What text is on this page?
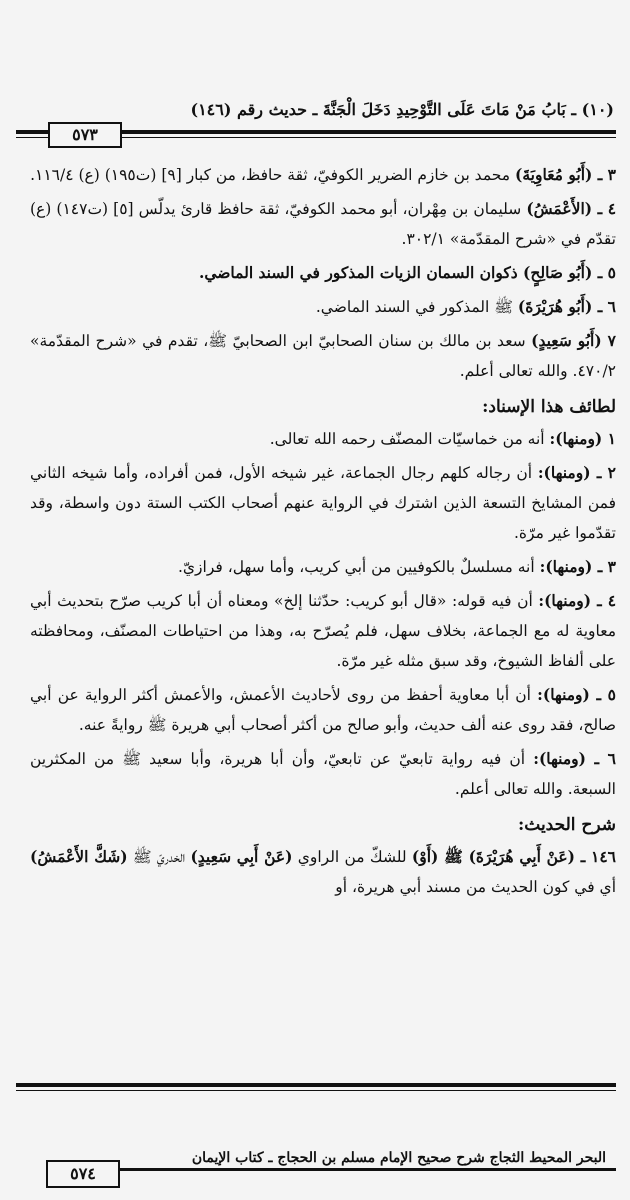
(١٠) ـ بَابُ مَنْ مَاتَ عَلَى التَّوْحِيدِ دَخَلَ الْجَنَّةَ ـ حديث رقم (١٤٦)
٥٧٣

٣ ـ (أَبُو مُعَاوِيَةَ) محمد بن خازم الضرير الكوفيّ، ثقة حافظ، من كبار [٩] (ت١٩٥) (ع) ١١٦/٤.

٤ ـ (الأَعْمَشُ) سليمان بن مِهْران، أبو محمد الكوفيّ، ثقة حافظ قارئ يدلّس [٥] (ت١٤٧) (ع) تقدّم في «شرح المقدّمة» ٣٠٢/١.

٥ ـ (أَبُو صَالِحٍ) ذكوان السمان الزيات المذكور في السند الماضي.

٦ ـ (أَبُو هُرَيْرَةَ) ﷺ المذكور في السند الماضي.

٧ (أَبُو سَعِيدٍ) سعد بن مالك بن سنان الصحابيّ ابن الصحابيّ ﷺ، تقدم في «شرح المقدّمة» ٤٧٠/٢. والله تعالى أعلم.

لطائف هذا الإسناد:

١ (ومنها): أنه من خماسيّات المصنّف رحمه الله تعالى.

٢ ـ (ومنها): أن رجاله كلهم رجال الجماعة، غير شيخه الأول، فمن أفراده، وأما شيخه الثاني فمن المشايخ التسعة الذين اشترك في الرواية عنهم أصحاب الكتب الستة دون واسطة، وقد تقدّموا غير مرّة.

٣ ـ (ومنها): أنه مسلسلٌ بالكوفيين من أبي كريب، وأما سهل، فرازيّ.

٤ ـ (ومنها): أن فيه قوله: «قال أبو كريب: حدّثنا إلخ» ومعناه أن أبا كريب صرّح بتحديث أبي معاوية له مع الجماعة، بخلاف سهل، فلم يُصرّح به، وهذا من احتياطات المصنّف، ومحافظته على ألفاظ الشيوخ، وقد سبق مثله غير مرّة.

٥ ـ (ومنها): أن أبا معاوية أحفظ من روى لأحاديث الأعمش، والأعمش أكثر الرواية عن أبي صالح، فقد روى عنه ألف حديث، وأبو صالح من أكثر أصحاب أبي هريرة ﷺ روايةً عنه.

٦ ـ (ومنها): أن فيه رواية تابعيّ عن تابعيّ، وأن أبا هريرة، وأبا سعيد ﷺ من المكثرين السبعة. والله تعالى أعلم.

شرح الحديث:

١٤٦ ـ (عَنْ أَبِي هُرَيْرَةَ) ﷺ (أَوْ) للشكّ من الراوي (عَنْ أَبِي سَعِيدٍ) الخدريّ ﷺ (شَكَّ الأَعْمَشُ) أي في كون الحديث من مسند أبي هريرة، أو

البحر المحيط الثجاج شرح صحيح الإمام مسلم بن الحجاج ـ كتاب الإيمان
٥٧٤
